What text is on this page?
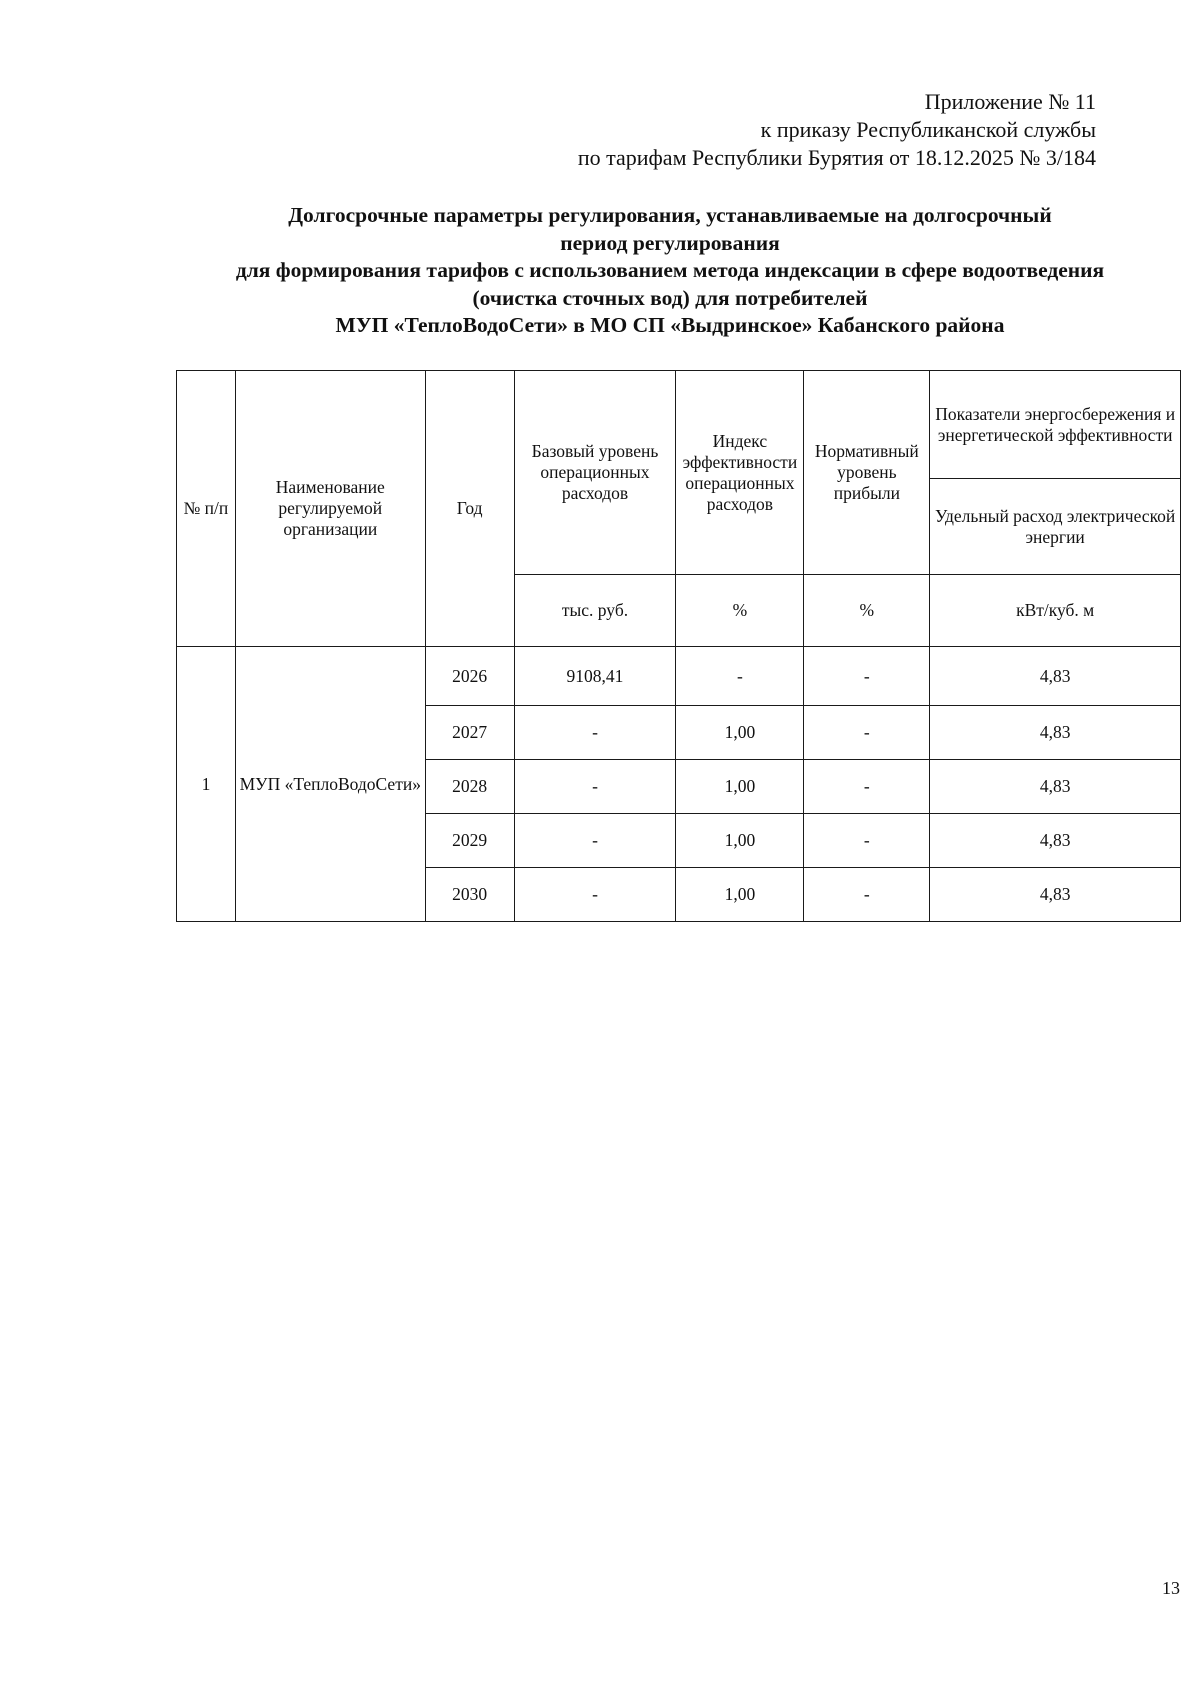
Приложение № 11
к приказу Республиканской службы
по тарифам Республики Бурятия от 18.12.2025 № 3/184
Долгосрочные параметры регулирования, устанавливаемые на долгосрочный
период регулирования
для формирования тарифов с использованием метода индексации в сфере водоотведения
(очистка сточных вод) для потребителей
МУП «ТеплоВодоСети» в МО СП «Выдринское» Кабанского района
№ п/п	Наименование регулируемой организации	Год	Базовый уровень операционных расходов	Индекс эффективности операционных расходов	Нормативный уровень прибыли	Показатели энергосбережения и энергетической эффективности
						Удельный расход электрической энергии
			тыс. руб.	%	%	кВт/куб. м
1	МУП «ТеплоВодоСети»	2026	9108,41	-	-	4,83
		2027	-	1,00	-	4,83
		2028	-	1,00	-	4,83
		2029	-	1,00	-	4,83
		2030	-	1,00	-	4,83
13
